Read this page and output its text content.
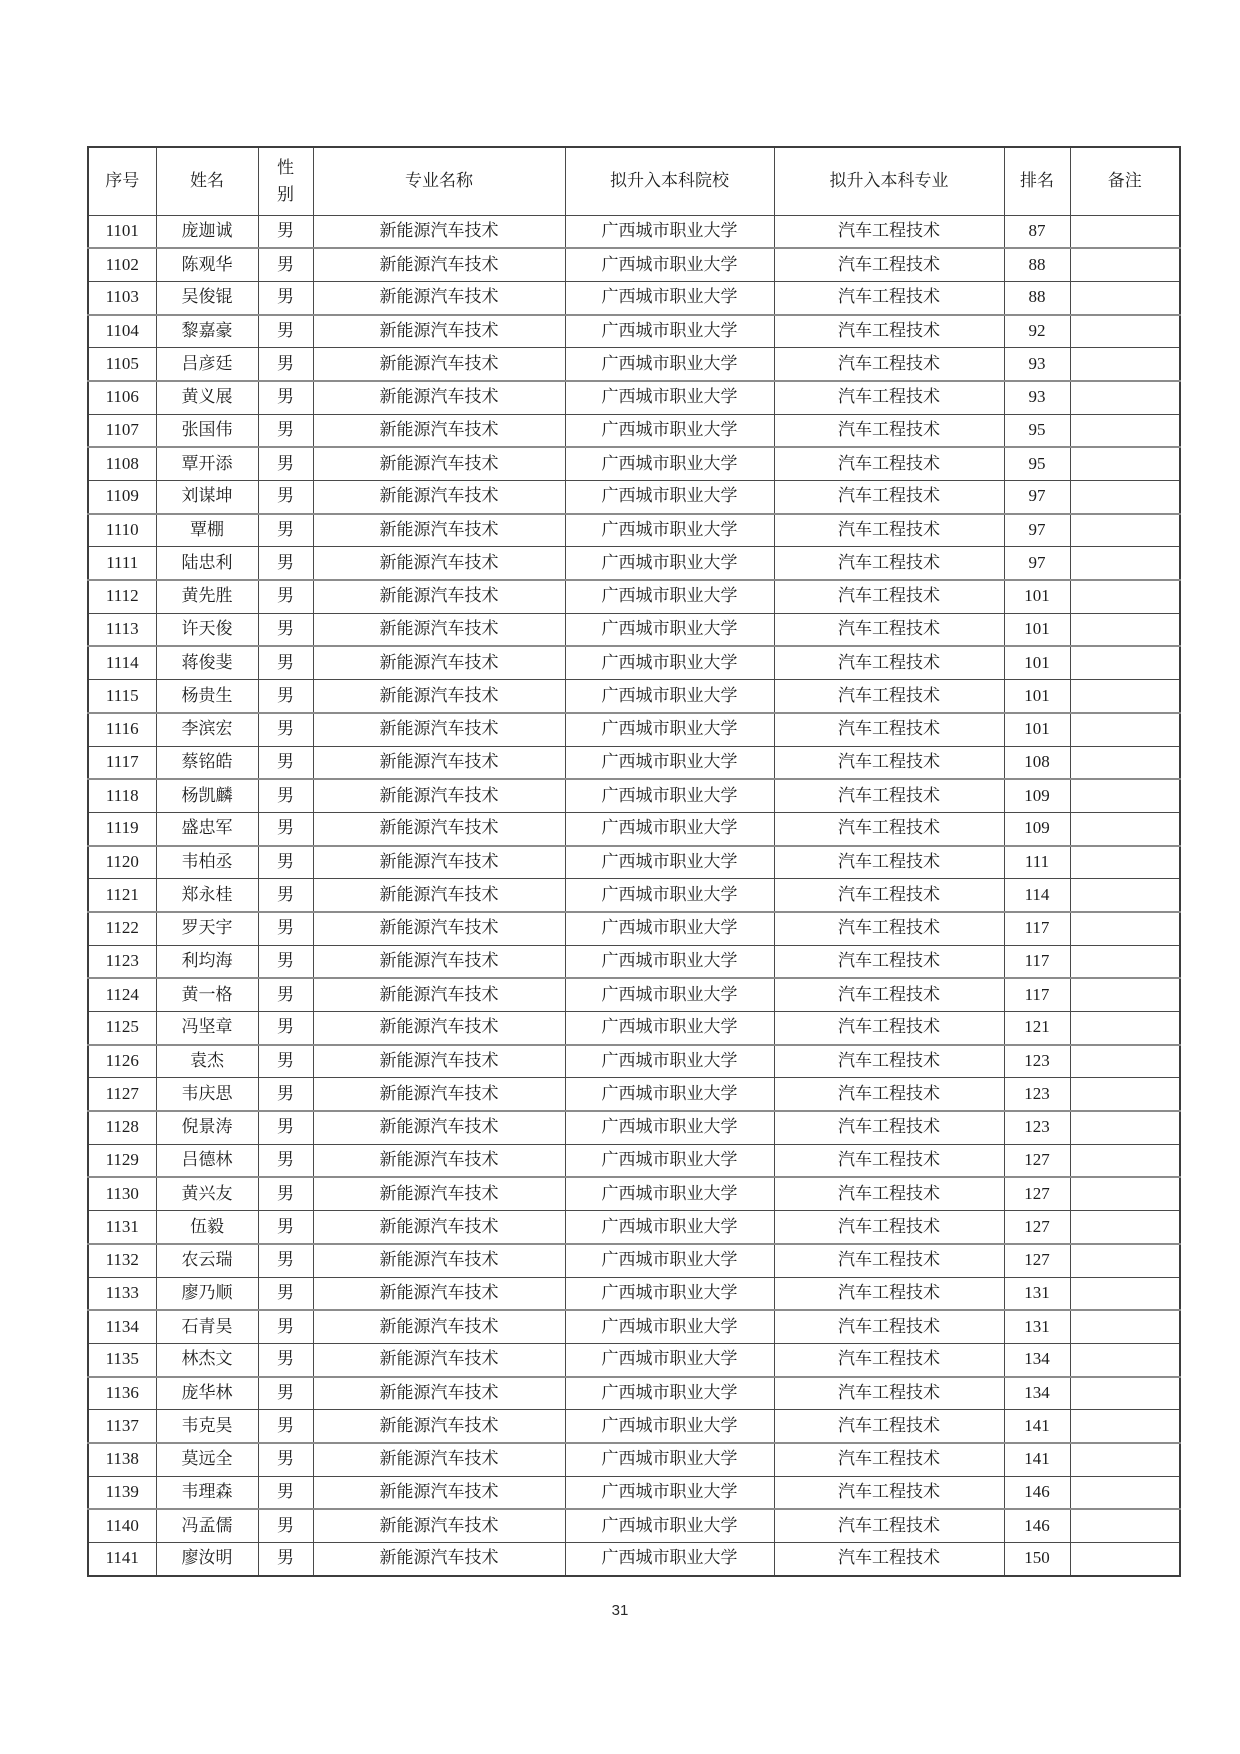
序号	姓名	性别	专业名称	拟升入本科院校	拟升入本科专业	排名	备注
1101	庞迦诚	男	新能源汽车技术	广西城市职业大学	汽车工程技术	87	
1102	陈观华	男	新能源汽车技术	广西城市职业大学	汽车工程技术	88	
1103	吴俊锟	男	新能源汽车技术	广西城市职业大学	汽车工程技术	88	
1104	黎嘉豪	男	新能源汽车技术	广西城市职业大学	汽车工程技术	92	
1105	吕彦廷	男	新能源汽车技术	广西城市职业大学	汽车工程技术	93	
1106	黄义展	男	新能源汽车技术	广西城市职业大学	汽车工程技术	93	
1107	张国伟	男	新能源汽车技术	广西城市职业大学	汽车工程技术	95	
1108	覃开添	男	新能源汽车技术	广西城市职业大学	汽车工程技术	95	
1109	刘谋坤	男	新能源汽车技术	广西城市职业大学	汽车工程技术	97	
1110	覃棚	男	新能源汽车技术	广西城市职业大学	汽车工程技术	97	
1111	陆忠利	男	新能源汽车技术	广西城市职业大学	汽车工程技术	97	
1112	黄先胜	男	新能源汽车技术	广西城市职业大学	汽车工程技术	101	
1113	许天俊	男	新能源汽车技术	广西城市职业大学	汽车工程技术	101	
1114	蒋俊斐	男	新能源汽车技术	广西城市职业大学	汽车工程技术	101	
1115	杨贵生	男	新能源汽车技术	广西城市职业大学	汽车工程技术	101	
1116	李滨宏	男	新能源汽车技术	广西城市职业大学	汽车工程技术	101	
1117	蔡铭皓	男	新能源汽车技术	广西城市职业大学	汽车工程技术	108	
1118	杨凯麟	男	新能源汽车技术	广西城市职业大学	汽车工程技术	109	
1119	盛忠军	男	新能源汽车技术	广西城市职业大学	汽车工程技术	109	
1120	韦柏丞	男	新能源汽车技术	广西城市职业大学	汽车工程技术	111	
1121	郑永桂	男	新能源汽车技术	广西城市职业大学	汽车工程技术	114	
1122	罗天宇	男	新能源汽车技术	广西城市职业大学	汽车工程技术	117	
1123	利均海	男	新能源汽车技术	广西城市职业大学	汽车工程技术	117	
1124	黄一格	男	新能源汽车技术	广西城市职业大学	汽车工程技术	117	
1125	冯坚章	男	新能源汽车技术	广西城市职业大学	汽车工程技术	121	
1126	袁杰	男	新能源汽车技术	广西城市职业大学	汽车工程技术	123	
1127	韦庆思	男	新能源汽车技术	广西城市职业大学	汽车工程技术	123	
1128	倪景涛	男	新能源汽车技术	广西城市职业大学	汽车工程技术	123	
1129	吕德林	男	新能源汽车技术	广西城市职业大学	汽车工程技术	127	
1130	黄兴友	男	新能源汽车技术	广西城市职业大学	汽车工程技术	127	
1131	伍毅	男	新能源汽车技术	广西城市职业大学	汽车工程技术	127	
1132	农云瑞	男	新能源汽车技术	广西城市职业大学	汽车工程技术	127	
1133	廖乃顺	男	新能源汽车技术	广西城市职业大学	汽车工程技术	131	
1134	石青昊	男	新能源汽车技术	广西城市职业大学	汽车工程技术	131	
1135	林杰文	男	新能源汽车技术	广西城市职业大学	汽车工程技术	134	
1136	庞华林	男	新能源汽车技术	广西城市职业大学	汽车工程技术	134	
1137	韦克昊	男	新能源汽车技术	广西城市职业大学	汽车工程技术	141	
1138	莫远全	男	新能源汽车技术	广西城市职业大学	汽车工程技术	141	
1139	韦理森	男	新能源汽车技术	广西城市职业大学	汽车工程技术	146	
1140	冯孟儒	男	新能源汽车技术	广西城市职业大学	汽车工程技术	146	
1141	廖汝明	男	新能源汽车技术	广西城市职业大学	汽车工程技术	150	
31
